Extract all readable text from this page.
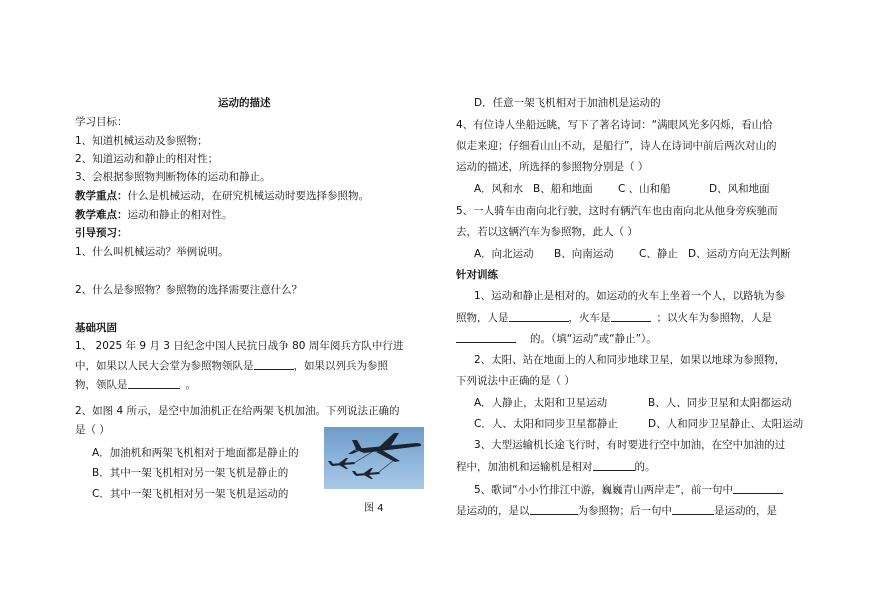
运动的描述
学习目标：
1、知道机械运动及参照物；
2、知道运动和静止的相对性；
3、会根据参照物判断物体的运动和静止。
教学重点：什么是机械运动，在研究机械运动时要选择参照物。
教学难点：运动和静止的相对性。
引导预习：
1、什么叫机械运动？举例说明。
2、什么是参照物？参照物的选择需要注意什么？
基础巩固
1、 2025 年 9 月 3 日纪念中国人民抗日战争 80 周年阅兵方队中行进
中，如果以人民大会堂为参照物领队是	，如果以列兵为参照
物，领队是	。
2、如图 4 所示，是空中加油机正在给两架飞机加油。下列说法正确的
是（ ）
A．加油机和两架飞机相对于地面都是静止的
B．其中一架飞机相对另一架飞机是静止的
C．其中一架飞机相对另一架飞机是运动的
图 4
D．任意一架飞机相对于加油机是运动的
4、有位诗人坐船远眺，写下了著名诗词：“满眼风光多闪烁，看山恰
似走来迎；仔细看山山不动，是船行”，诗人在诗词中前后两次对山的
运动的描述，所选择的参照物分别是（ ）
A．风和水 B、船和地面 C 、山和船	D、风和地面
5、一人骑车由南向北行驶，这时有辆汽车也由南向北从他身旁疾驰而
去，若以这辆汽车为参照物，此人（ ）
A．向北运动 B、向南运动 C、静止 D、运动方向无法判断
针对训练
1、运动和静止是相对的。如运动的火车上坐着一个人，以路轨为参
照物，人是	，火车是	；以火车为参照物，人是
的。（填“运动”或“静止”）。
2、太阳、站在地面上的人和同步地球卫星，如果以地球为参照物，
下列说法中正确的是（ ）
A．人静止，太阳和卫星运动	B、人、同步卫星和太阳都运动
C．人、太阳和同步卫星都静止	D、人和同步卫星静止、太阳运动
3、大型运输机长途飞行时，有时要进行空中加油，在空中加油的过
程中，加油机和运输机是相对	的。
5、歌词“小小竹排江中游，巍巍青山两岸走”，前一句中
是运动的，是以	为参照物；后一句中	是运动的，是
